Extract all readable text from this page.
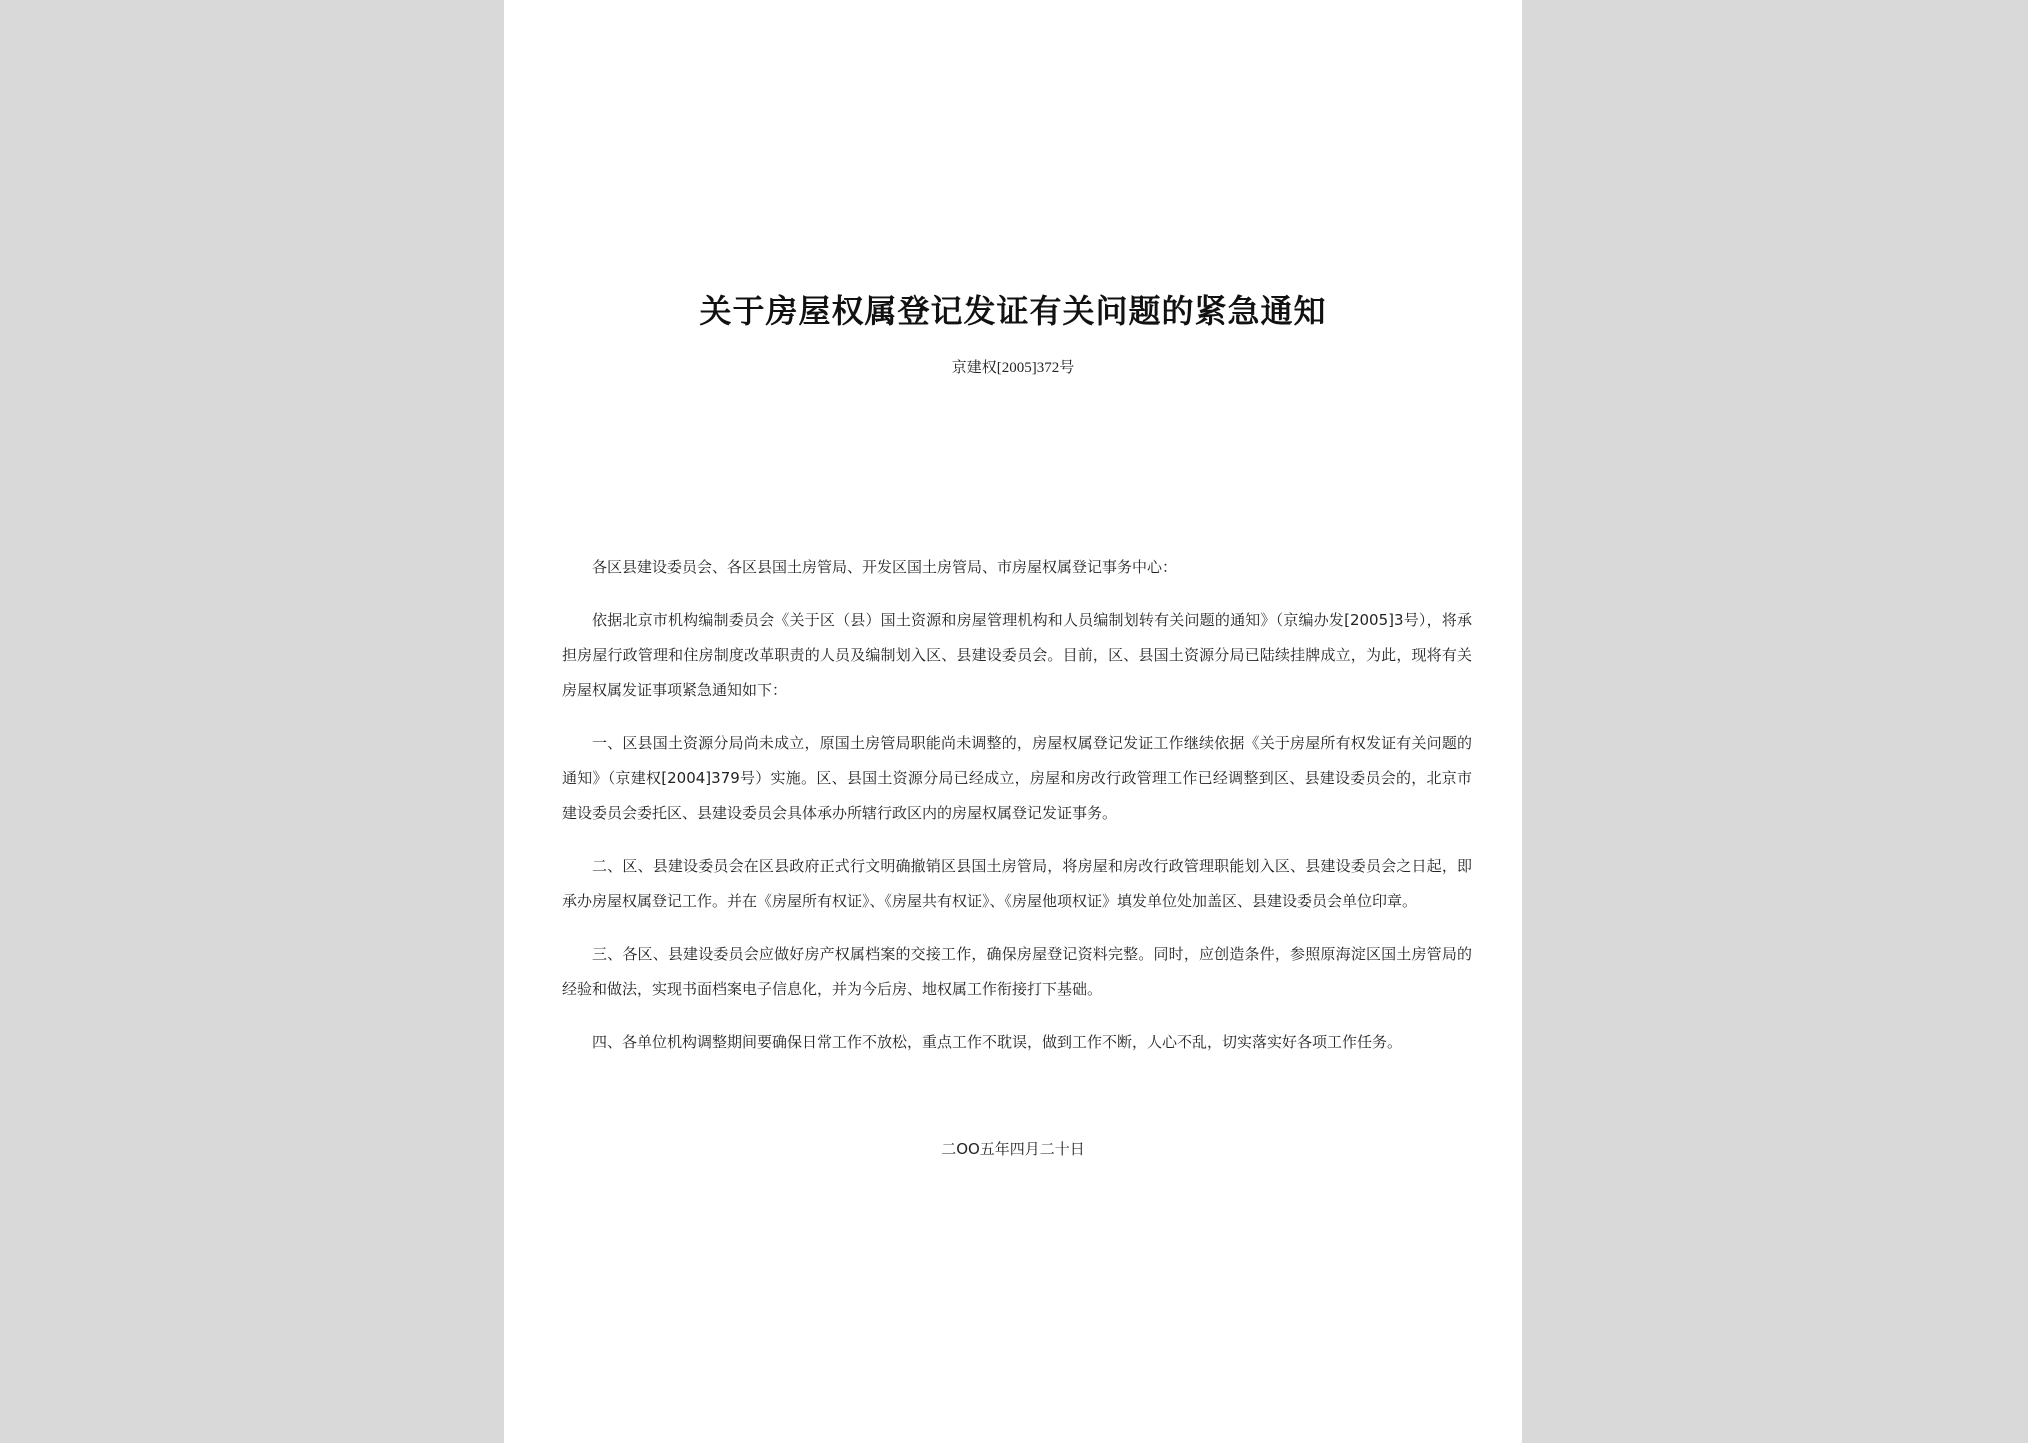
关于房屋权属登记发证有关问题的紧急通知
京建权[2005]372号

各区县建设委员会、各区县国土房管局、开发区国土房管局、市房屋权属登记事务中心：

依据北京市机构编制委员会《关于区（县）国土资源和房屋管理机构和人员编制划转有关问题的通知》（京编办发[2005]3号），将承担房屋行政管理和住房制度改革职责的人员及编制划入区、县建设委员会。目前，区、县国土资源分局已陆续挂牌成立，为此，现将有关房屋权属发证事项紧急通知如下：

一、区县国土资源分局尚未成立，原国土房管局职能尚未调整的，房屋权属登记发证工作继续依据《关于房屋所有权发证有关问题的通知》（京建权[2004]379号）实施。区、县国土资源分局已经成立，房屋和房改行政管理工作已经调整到区、县建设委员会的，北京市建设委员会委托区、县建设委员会具体承办所辖行政区内的房屋权属登记发证事务。

二、区、县建设委员会在区县政府正式行文明确撤销区县国土房管局，将房屋和房改行政管理职能划入区、县建设委员会之日起，即承办房屋权属登记工作。并在《房屋所有权证》、《房屋共有权证》、《房屋他项权证》填发单位处加盖区、县建设委员会单位印章。

三、各区、县建设委员会应做好房产权属档案的交接工作，确保房屋登记资料完整。同时，应创造条件，参照原海淀区国土房管局的经验和做法，实现书面档案电子信息化，并为今后房、地权属工作衔接打下基础。

四、各单位机构调整期间要确保日常工作不放松，重点工作不耽误，做到工作不断，人心不乱，切实落实好各项工作任务。

二OO五年四月二十日
